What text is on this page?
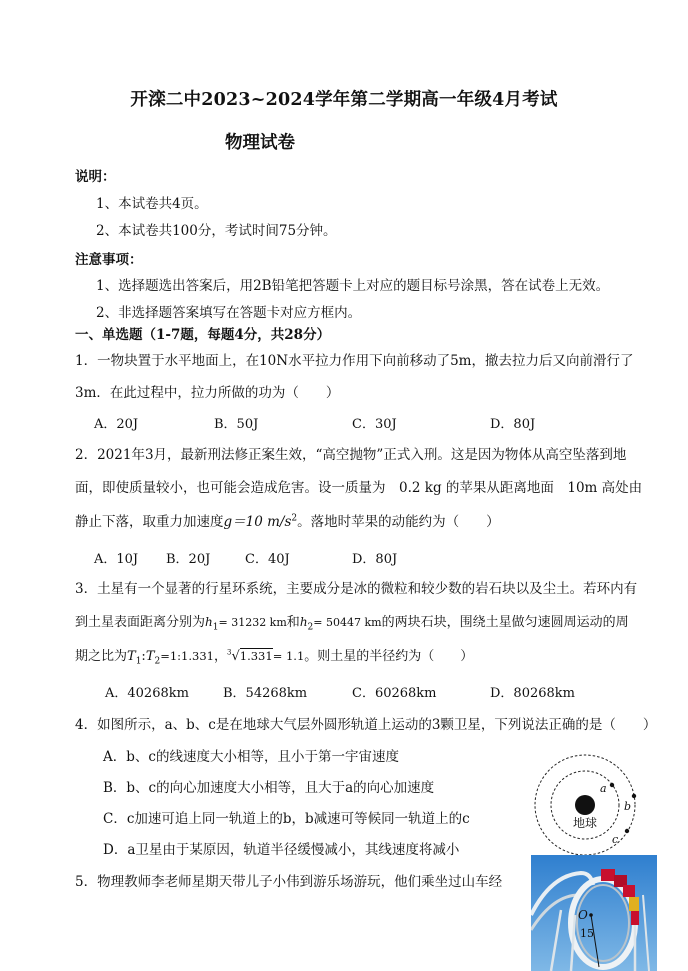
开滦二中2023~2024学年第二学期高一年级4月考试
物理试卷
说明：
1、本试卷共4页。
2、本试卷共100分，考试时间75分钟。
注意事项：
1、选择题选出答案后，用2B铅笔把答题卡上对应的题目标号涂黑，答在试卷上无效。
2、非选择题答案填写在答题卡对应方框内。
一、单选题（1-7题，每题4分，共28分）
1．一物块置于水平地面上，在10N水平拉力作用下向前移动了5m，撤去拉力后又向前滑行了
3m．在此过程中，拉力所做的功为（　　）
A．20J	B．50J	C．30J	D．80J
2．2021年3月，最新刑法修正案生效，“高空抛物”正式入刑。这是因为物体从高空坠落到地
面，即使质量较小，也可能会造成危害。设一质量为　0.2 kg 的苹果从距离地面　10m 高处由
静止下落，取重力加速度g＝10 $m/s^2$。落地时苹果的动能约为（　　）
A．10J B．20J	C．40J	D．80J
3．土星有一个显著的行星环系统，主要成分是冰的微粒和较少数的岩石块以及尘土。若环内有
到土星表面距离分别为$h_1= 31232$ km和$h_2= 50447$ km的两块石块，围绕土星做匀速圆周运动的周
期之比为$T_1:T_2=1:1.331$，$^3$√1.331= 1.1。则土星的半径约为（　　）
A．40268km	B．54268km	C．60268km	D．80268km
4．如图所示，a、b、c是在地球大气层外圆形轨道上运动的3颗卫星，下列说法正确的是（　　）
A．b、c的线速度大小相等，且小于第一宇宙速度
B．b、c的向心加速度大小相等，且大于a的向心加速度
C．c加速可追上同一轨道上的b，b减速可等候同一轨道上的c
D．a卫星由于某原因，轨道半径缓慢减小，其线速度将减小
地球
a
b
c
5．物理教师李老师星期天带儿子小伟到游乐场游玩，他们乘坐过山车经
O
15
